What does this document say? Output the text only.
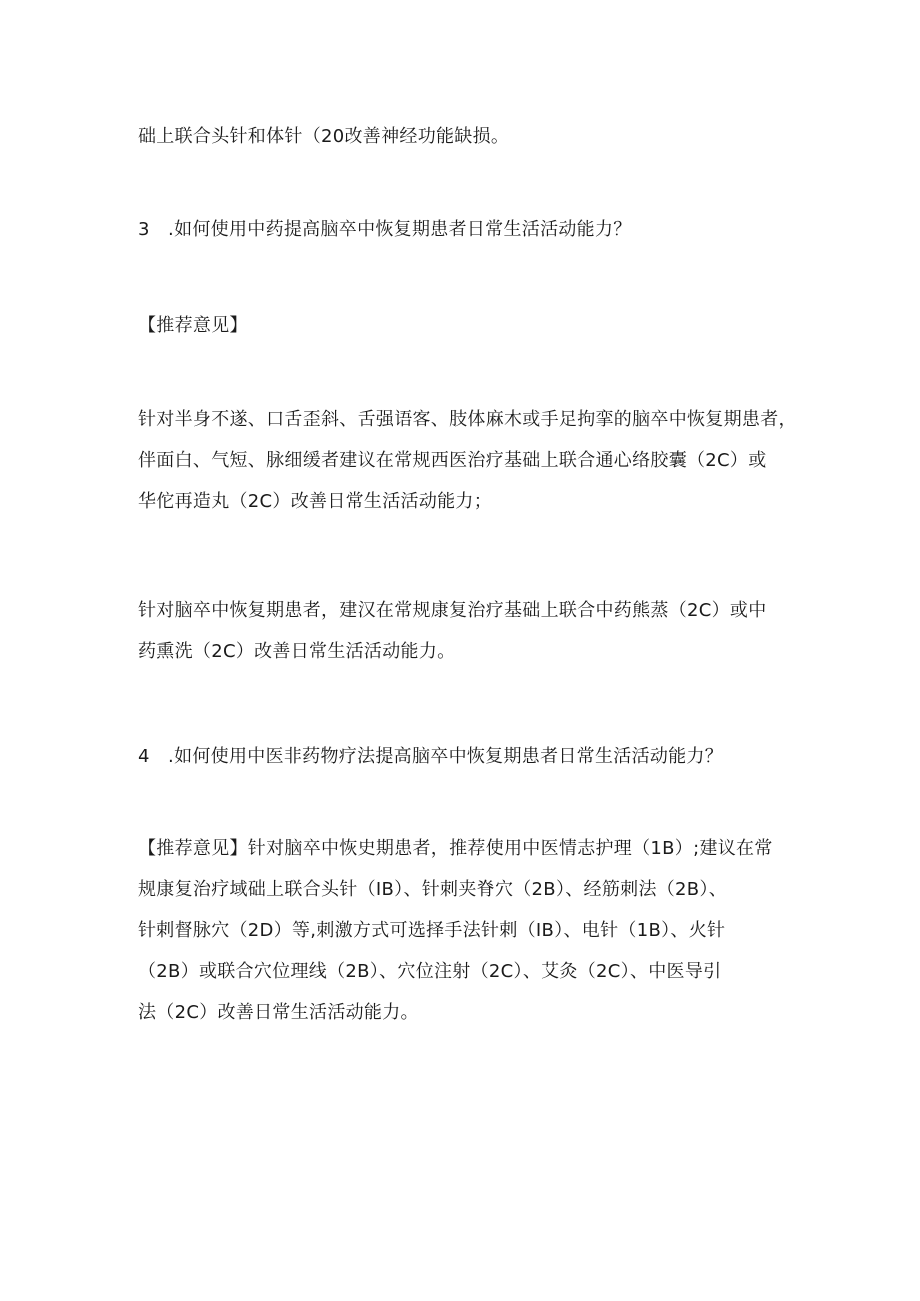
础上联合头针和体针（20改善神经功能缺损。
3　.如何使用中药提高脑卒中恢复期患者日常生活活动能力？
【推荐意见】
针对半身不遂、口舌歪斜、舌强语客、肢体麻木或手足拘挛的脑卒中恢复期患者，
伴面白、气短、脉细缓者建议在常规西医治疗基础上联合通心络胶囊（2C）或
华佗再造丸（2C）改善日常生活活动能力；
针对脑卒中恢复期患者，建汉在常规康复治疗基础上联合中药熊蒸（2C）或中
药熏洗（2C）改善日常生活活动能力。
4　.如何使用中医非药物疗法提高脑卒中恢复期患者日常生活活动能力？
【推荐意见】针对脑卒中恢史期患者，推荐使用中医情志护理（1B）;建议在常
规康复治疗域础上联合头针（IB）、针刺夹脊穴（2B）、经筋刺法（2B）、
针剌督脉穴（2D）等,刺激方式可选择手法针剌（IB）、电针（1B）、火针
（2B）或联合穴位理线（2B）、穴位注射（2C）、艾灸（2C）、中医导引
法（2C）改善日常生活活动能力。
